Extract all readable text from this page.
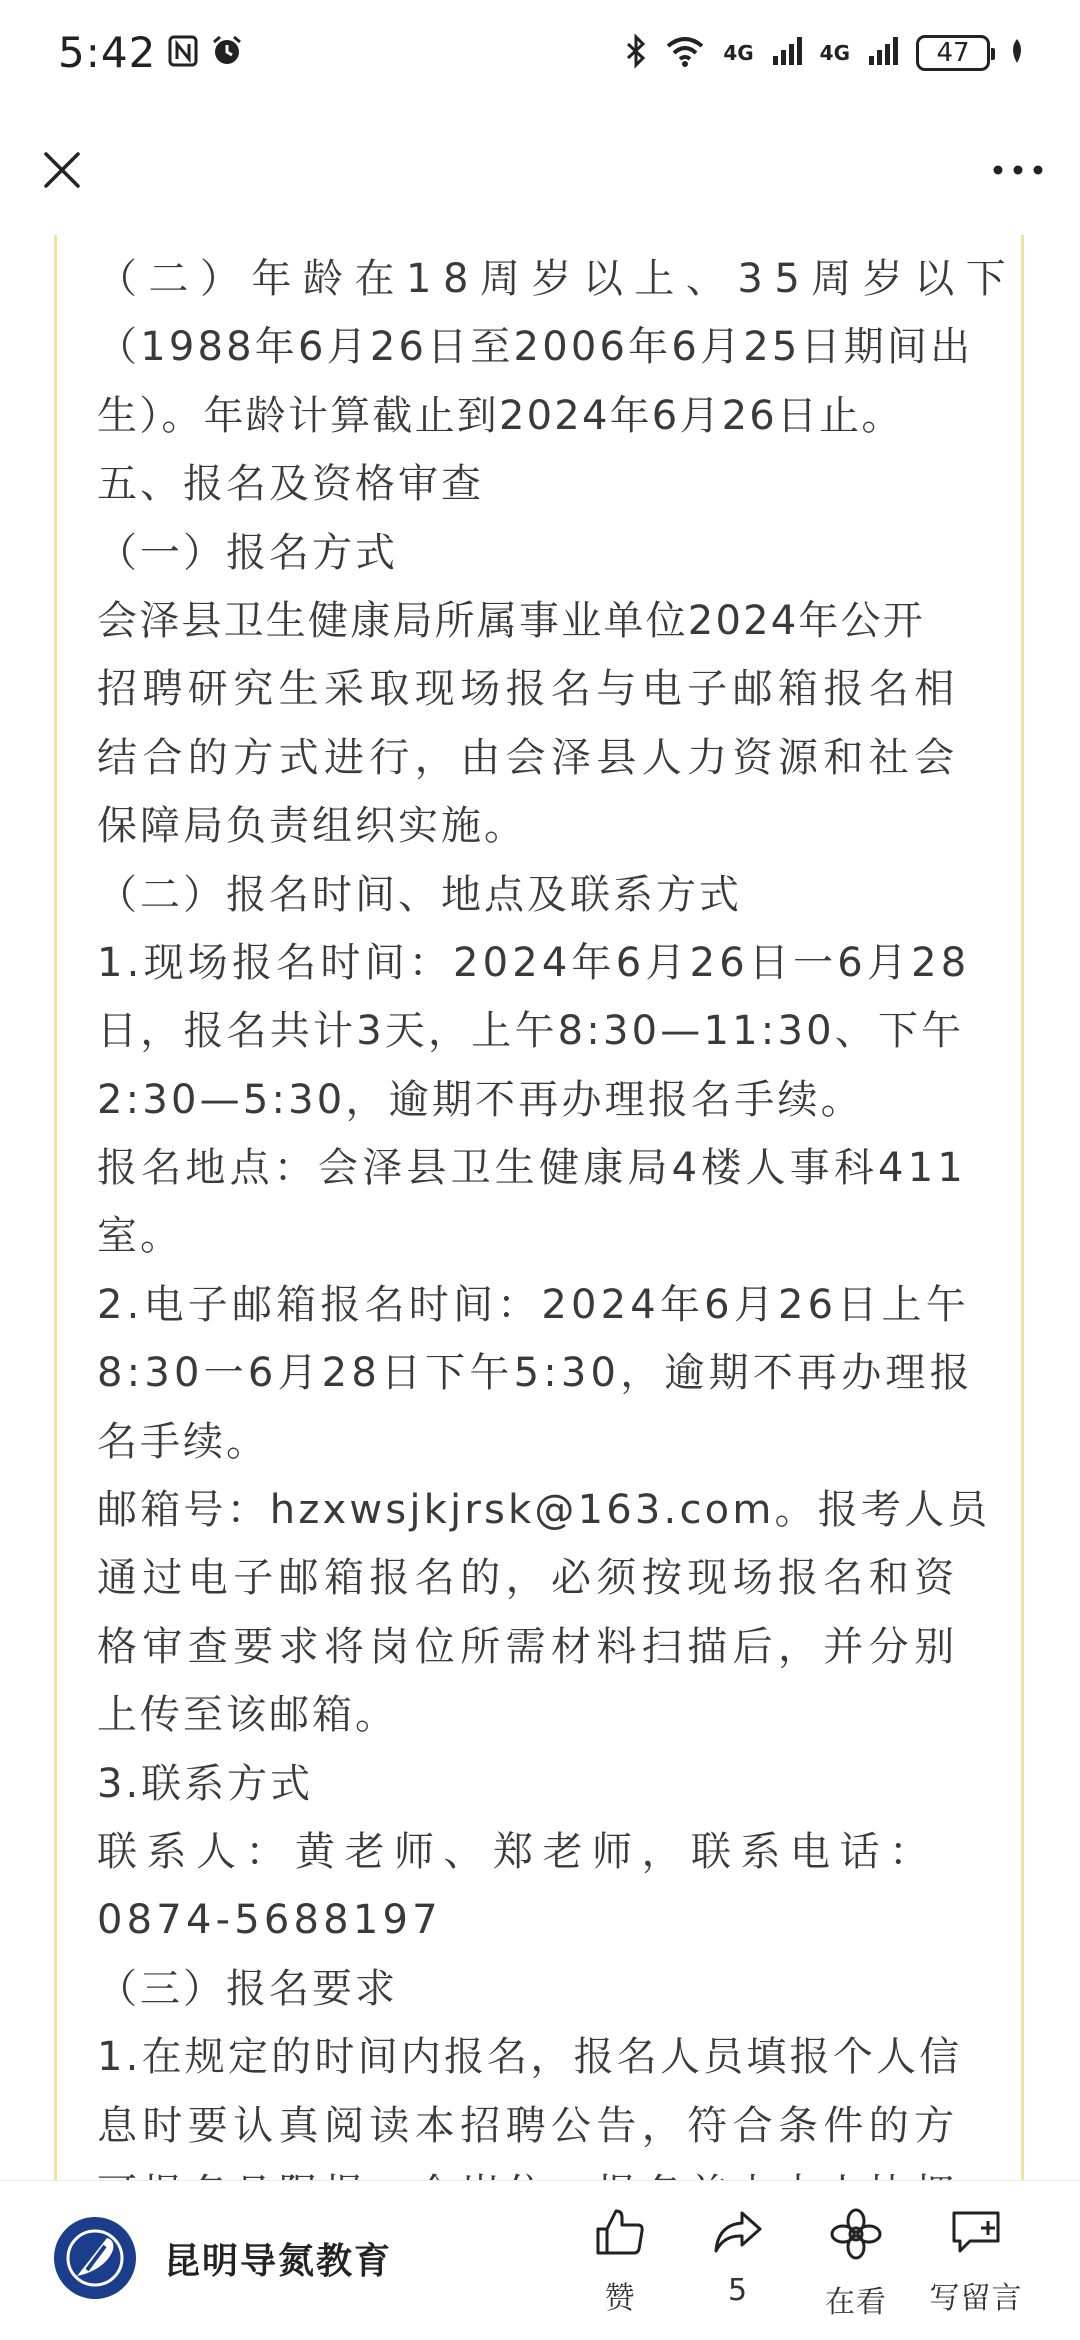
5:42	4G	4G	47
（二）年龄在18周岁以上、35周岁以下
（1988年6月26日至2006年6月25日期间出
生）。年龄计算截止到2024年6月26日止。
五、报名及资格审查
（一）报名方式
会泽县卫生健康局所属事业单位2024年公开
招聘研究生采取现场报名与电子邮箱报名相
结合的方式进行，由会泽县人力资源和社会
保障局负责组织实施。
（二）报名时间、地点及联系方式
1.现场报名时间：2024年6月26日一6月28
日，报名共计3天，上午8:30—11:30、下午
2:30—5:30，逾期不再办理报名手续。
报名地点：会泽县卫生健康局4楼人事科411
室。
2.电子邮箱报名时间：2024年6月26日上午
8:30一6月28日下午5:30，逾期不再办理报
名手续。
邮箱号：hzxwsjkjrsk@163.com。报考人员
通过电子邮箱报名的，必须按现场报名和资
格审查要求将岗位所需材料扫描后，并分别
上传至该邮箱。
3.联系方式
联系人：黄老师、郑老师，联系电话：
0874-5688197
（三）报名要求
1.在规定的时间内报名，报名人员填报个人信
息时要认真阅读本招聘公告，符合条件的方
昆明导氮教育
赞	5	在看 写留言
